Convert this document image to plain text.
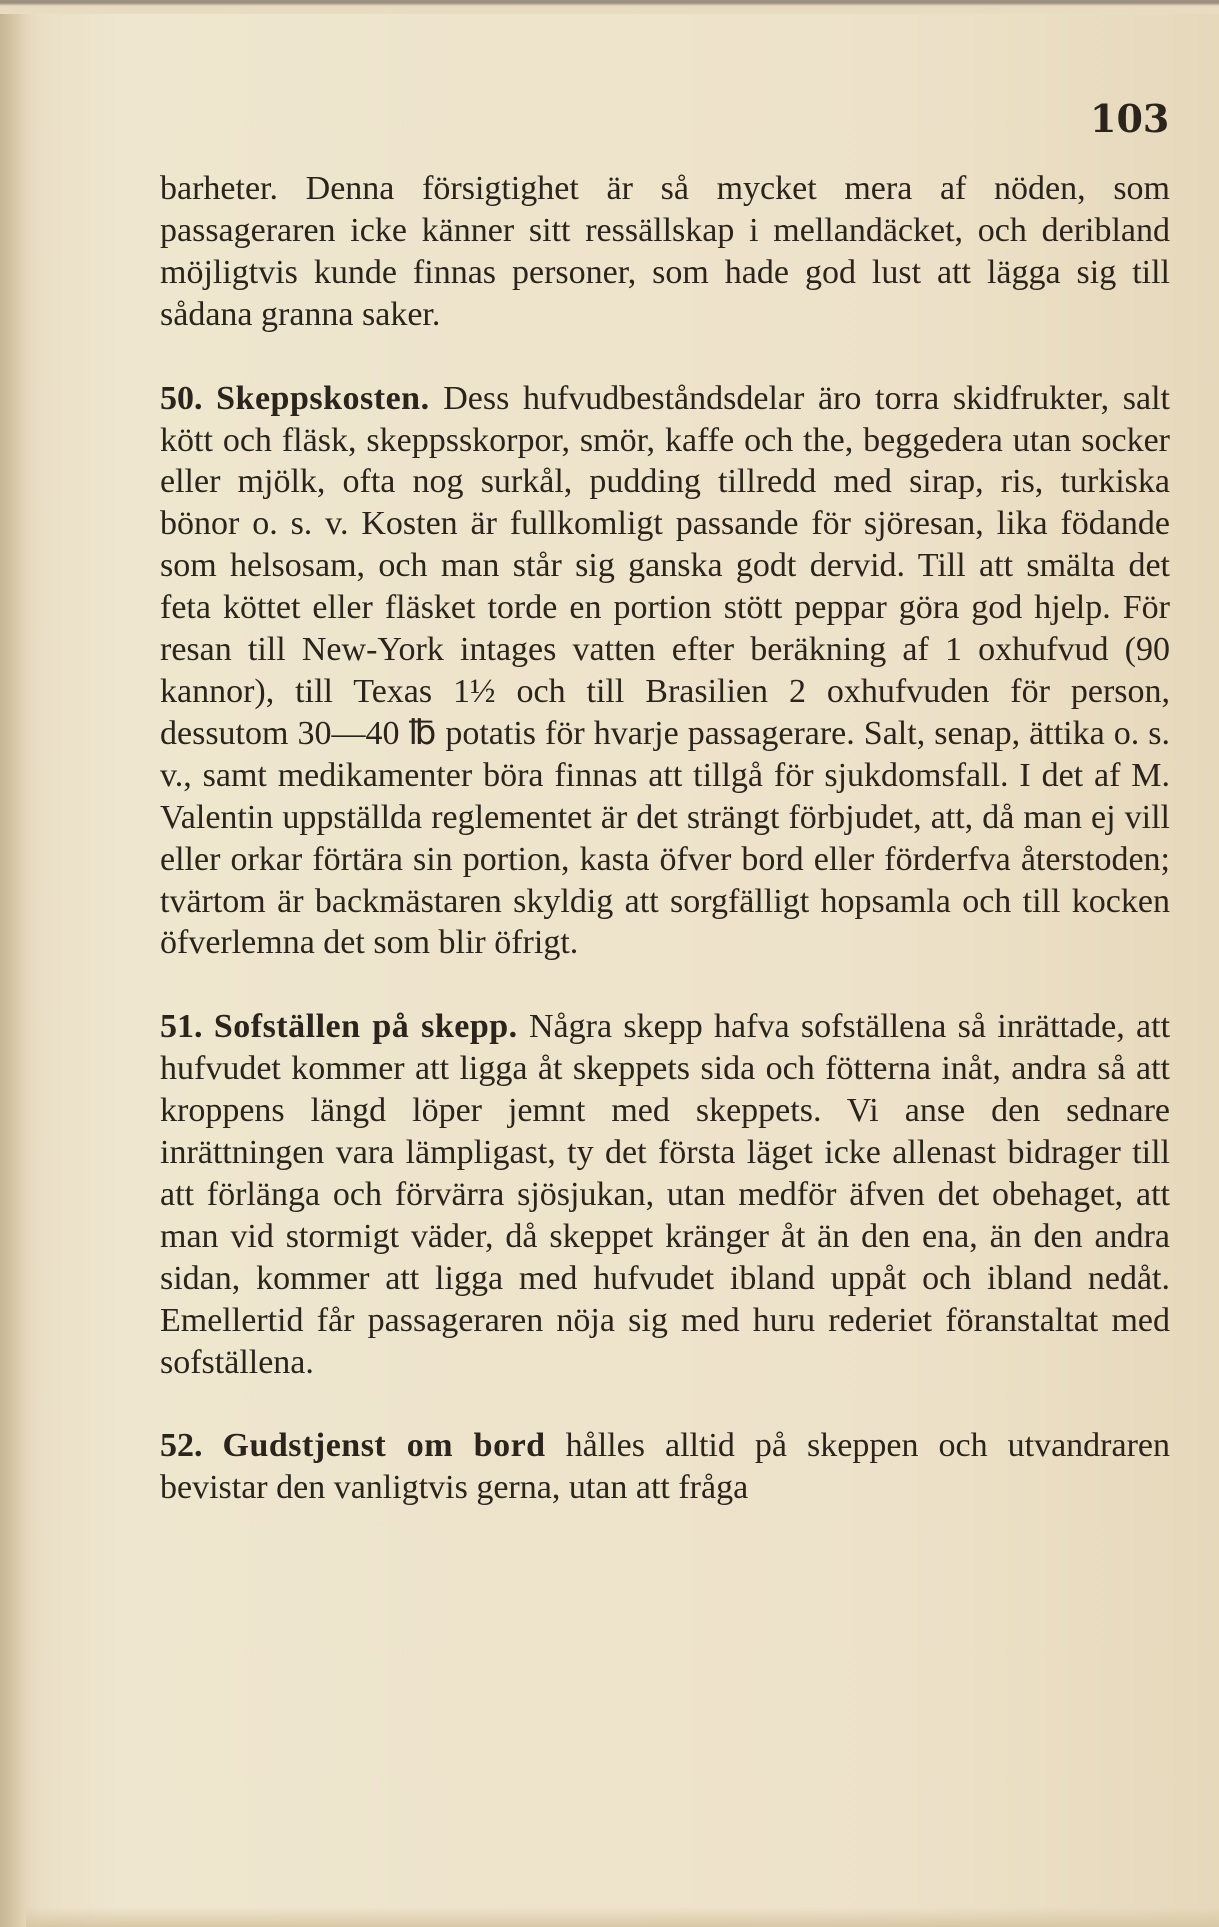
103

barheter. Denna försigtighet är så mycket mera af nöden, som passageraren icke känner sitt ressällskap i mellandäcket, och deribland möjligtvis kunde finnas personer, som hade god lust att lägga sig till sådana granna saker.

50. Skeppskosten. Dess hufvudbeståndsdelar äro torra skidfrukter, salt kött och fläsk, skeppsskorpor, smör, kaffe och the, beggedera utan socker eller mjölk, ofta nog surkål, pudding tillredd med sirap, ris, turkiska bönor o. s. v. Kosten är fullkomligt passande för sjöresan, lika födande som helsosam, och man står sig ganska godt dervid. Till att smälta det feta köttet eller fläsket torde en portion stött peppar göra god hjelp. För resan till New-York intages vatten efter beräkning af 1 oxhufvud (90 kannor), till Texas 1½ och till Brasilien 2 oxhufvuden för person, dessutom 30—40 ℔ potatis för hvarje passagerare. Salt, senap, ättika o. s. v., samt medikamenter böra finnas att tillgå för sjukdomsfall. I det af M. Valentin uppställda reglementet är det strängt förbjudet, att, då man ej vill eller orkar förtära sin portion, kasta öfver bord eller förderfva återstoden; tvärtom är backmästaren skyldig att sorgfälligt hopsamla och till kocken öfverlemna det som blir öfrigt.

51. Sofställen på skepp. Några skepp hafva sofställena så inrättade, att hufvudet kommer att ligga åt skeppets sida och fötterna inåt, andra så att kroppens längd löper jemnt med skeppets. Vi anse den sednare inrättningen vara lämpligast, ty det första läget icke allenast bidrager till att förlänga och förvärra sjösjukan, utan medför äfven det obehaget, att man vid stormigt väder, då skeppet kränger åt än den ena, än den andra sidan, kommer att ligga med hufvudet ibland uppåt och ibland nedåt. Emellertid får passageraren nöja sig med huru rederiet föranstaltat med sofställena.

52. Gudstjenst om bord hålles alltid på skeppen och utvandraren bevistar den vanligtvis gerna, utan att fråga
